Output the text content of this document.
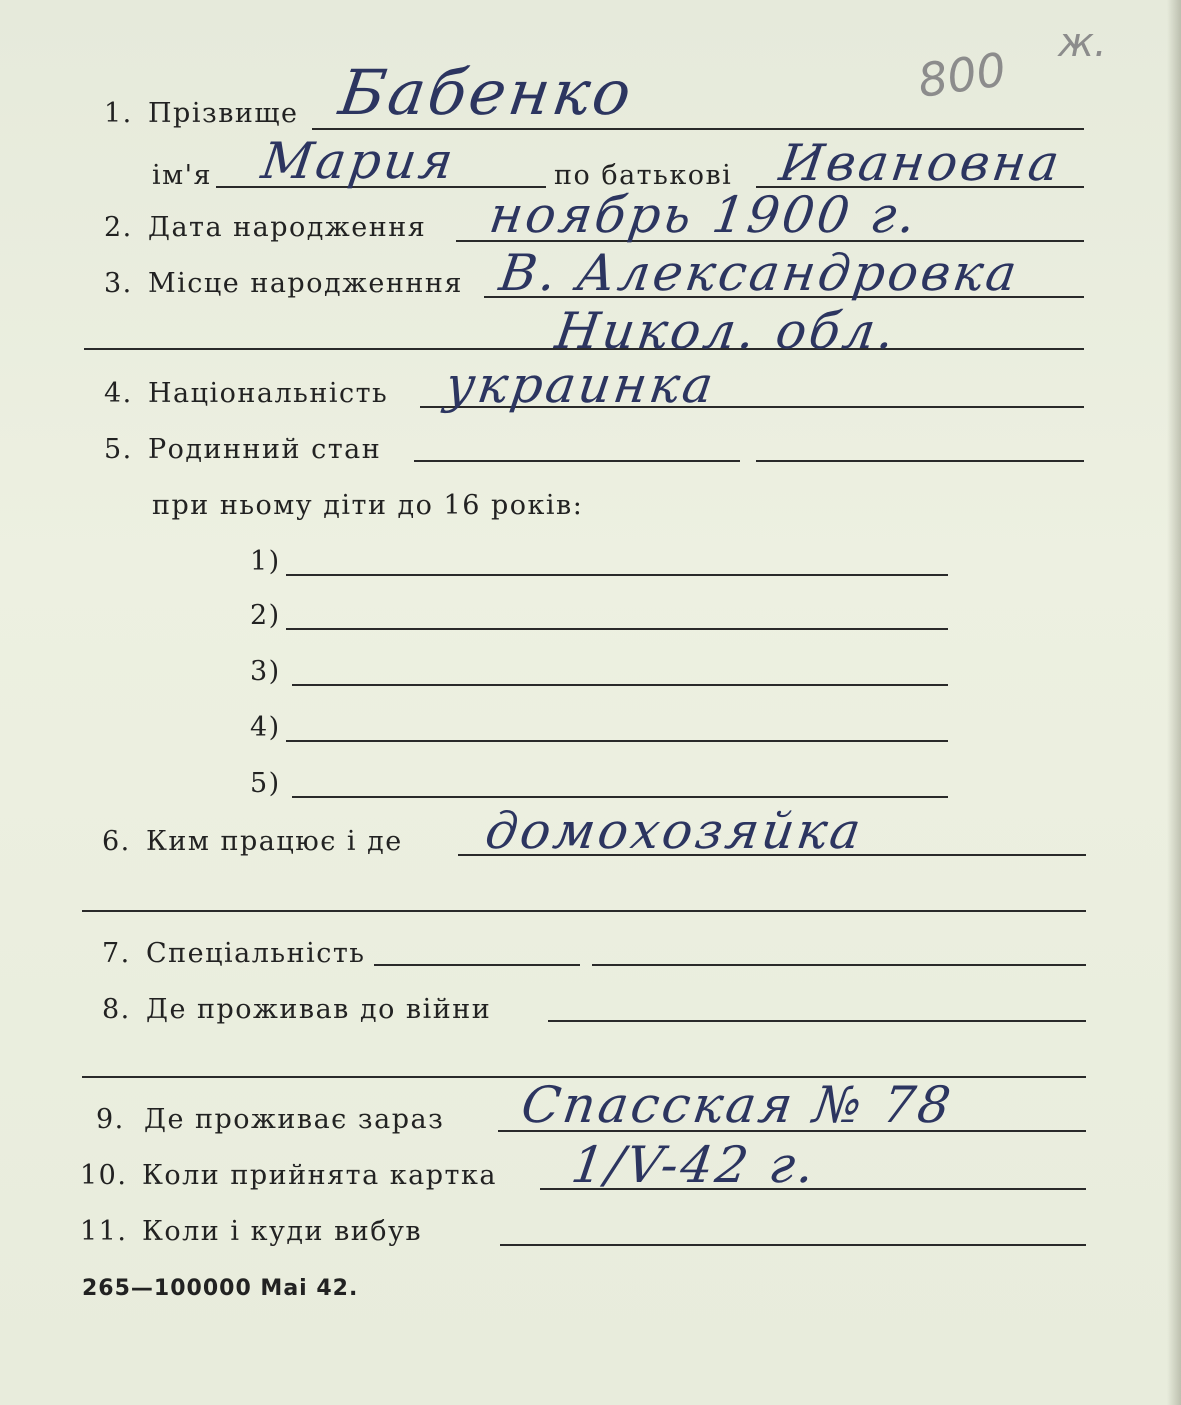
800 ж.
1. Прізвище Бабенко
ім'я Мария	по батькові Ивановна
2. Дата народження ноябрь 1900 г.
3. Місце народженння В. Александровка
Никол. обл.
4. Національність украинка
5. Родинний стан
при ньому діти до 16 років:
1)
2)
3)
4)
5)
6. Ким працює і де домохозяйка
7. Спеціальність
8. Де проживав до війни
9. Де проживає зараз Спасская № 78
10. Коли прийнята картка 1/V-42 г.
11. Коли і куди вибув
265—100000 Маі 42.
